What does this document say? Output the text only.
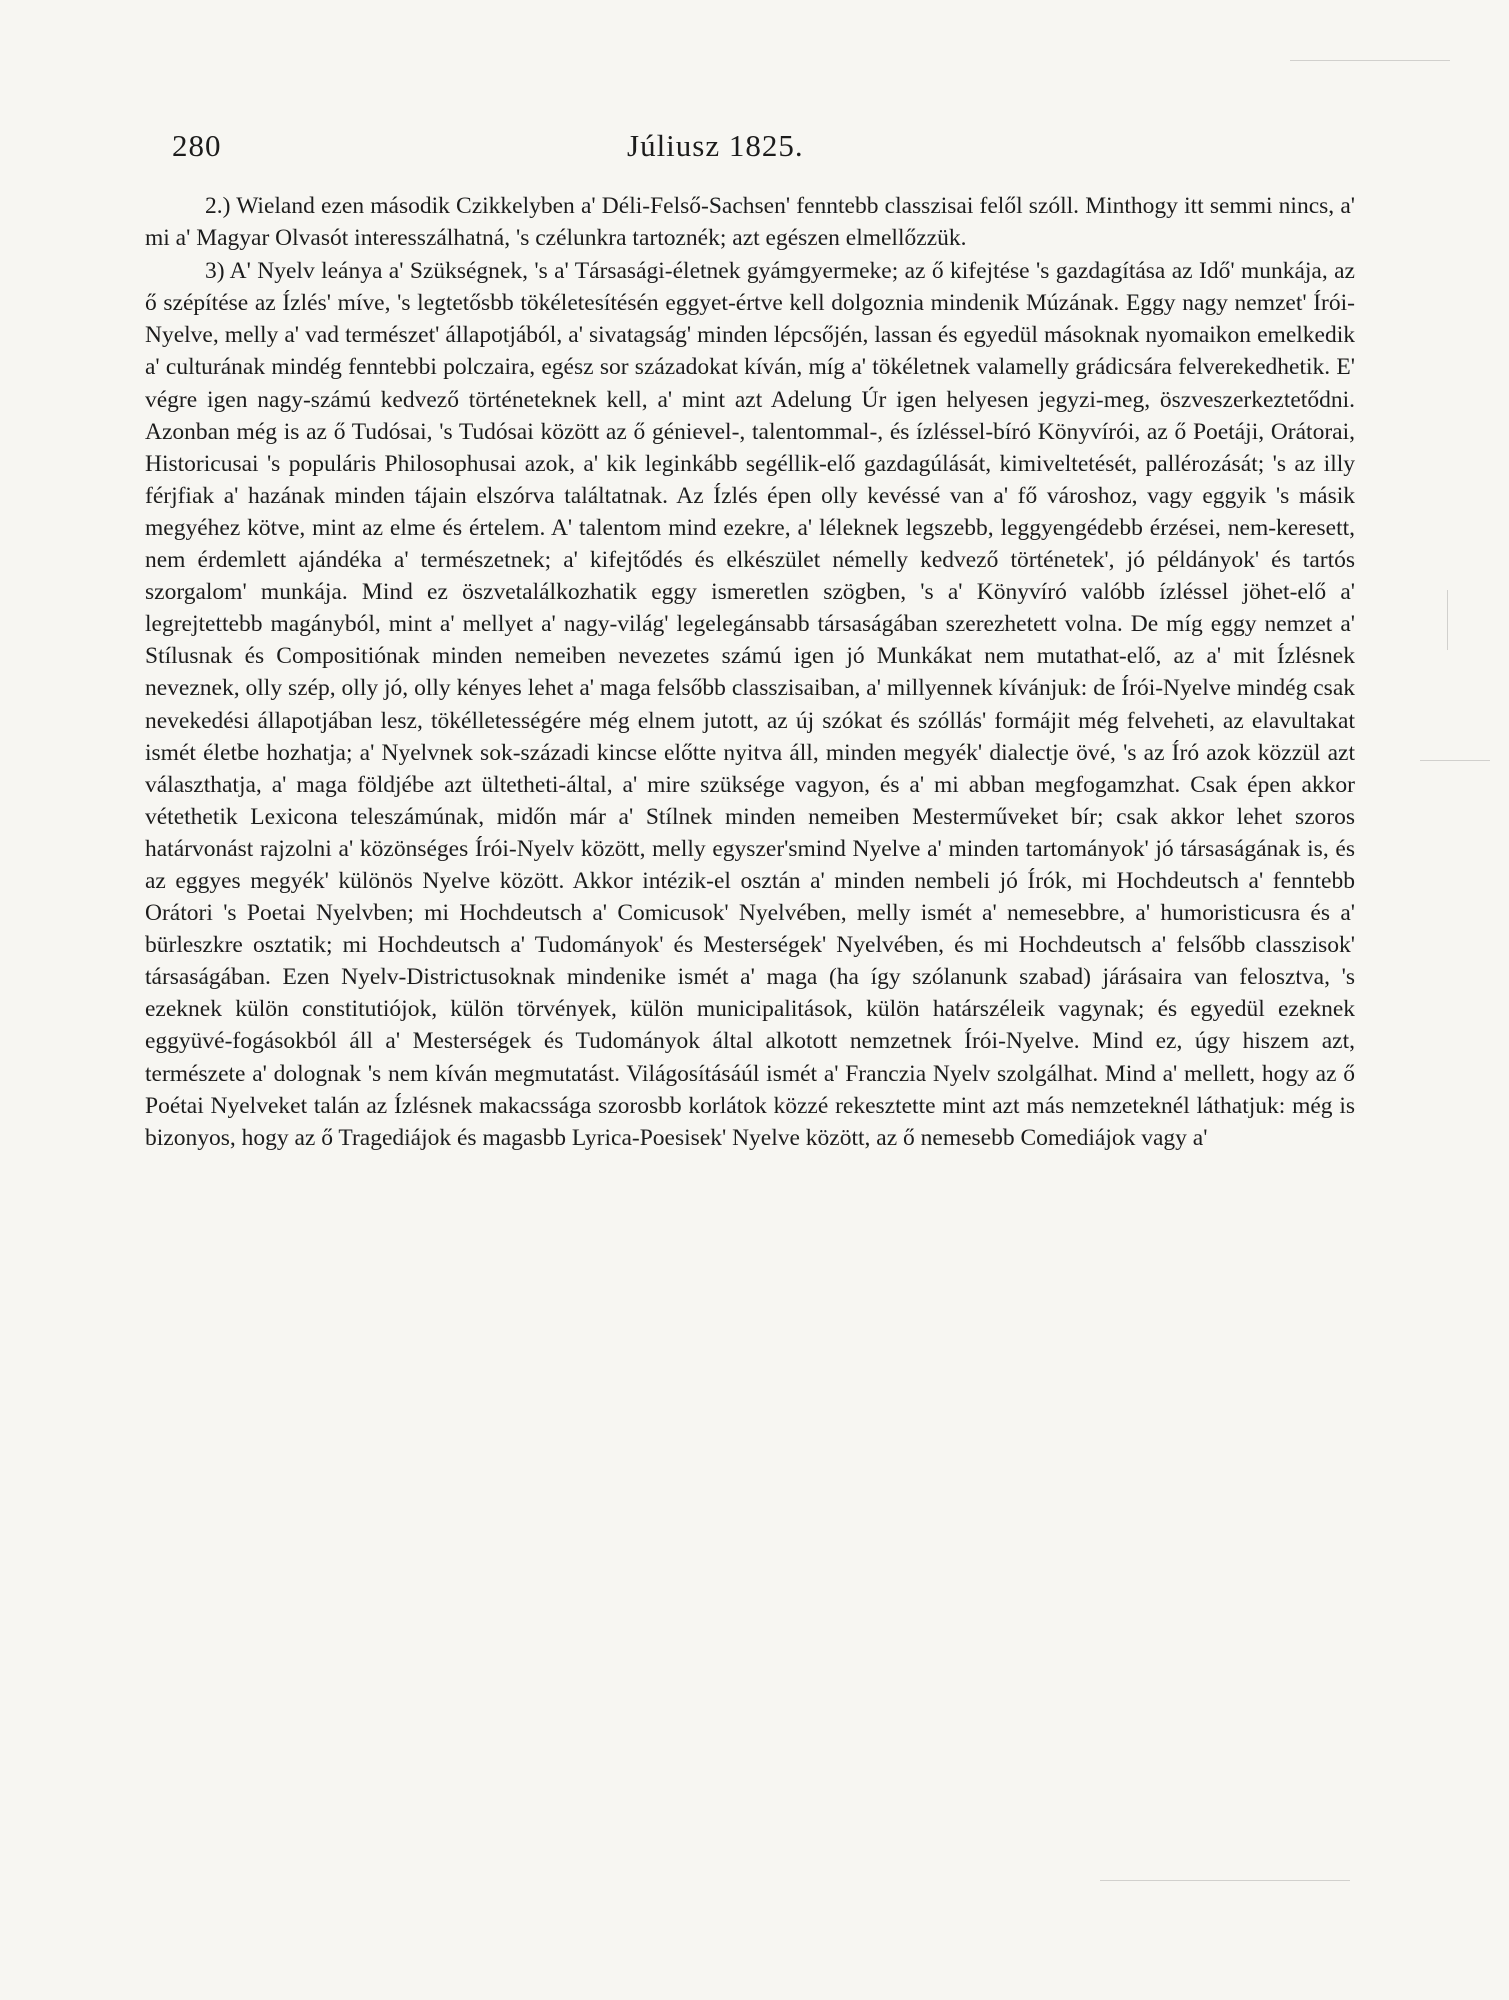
280	Júliusz 1825.

2.) Wieland ezen második Czikkelyben a' Déli-Felső-Sachsen' fenntebb classzisai felől szóll. Minthogy itt semmi nincs, a' mi a' Magyar Olvasót interesszálhatná, 's czélunkra tartoznék; azt egészen elmellőzzük.

3) A' Nyelv leánya a' Szükségnek, 's a' Társasági-életnek gyámgyermeke; az ő kifejtése 's gazdagítása az Idő' munkája, az ő szépítése az Ízlés' míve, 's legtetősbb tökéletesítésén eggyet-értve kell dolgoznia mindenik Múzának. Eggy nagy nemzet' Írói-Nyelve, melly a' vad természet' állapotjából, a' sivatagság' minden lépcsőjén, lassan és egyedül másoknak nyomaikon emelkedik a' culturának mindég fenntebbi polczaira, egész sor századokat kíván, míg a' tökéletnek valamelly grádicsára felverekedhetik. E' végre igen nagy-számú kedvező történeteknek kell, a' mint azt Adelung Úr igen helyesen jegyzi-meg, öszveszerkeztetődni. Azonban még is az ő Tudósai, 's Tudósai között az ő génievel-, talentommal-, és ízléssel-bíró Könyvírói, az ő Poetáji, Orátorai, Historicusai 's populáris Philosophusai azok, a' kik leginkább segéllik-elő gazdagúlását, kimiveltetését, pallérozását; 's az illy férjfiak a' hazának minden tájain elszórva találtatnak. Az Ízlés épen olly kevéssé van a' fő városhoz, vagy eggyik 's másik megyéhez kötve, mint az elme és értelem. A' talentom mind ezekre, a' léleknek legszebb, leggyengédebb érzései, nem-keresett, nem érdemlett ajándéka a' természetnek; a' kifejtődés és elkészület némelly kedvező történetek', jó példányok' és tartós szorgalom' munkája. Mind ez öszvetalálkozhatik eggy ismeretlen szögben, 's a' Könyvíró valóbb ízléssel jöhet-elő a' legrejtettebb magányból, mint a' mellyet a' nagy-világ' legelegánsabb társaságában szerezhetett volna. De míg eggy nemzet a' Stílusnak és Compositiónak minden nemeiben nevezetes számú igen jó Munkákat nem mutathat-elő, az a' mit Ízlésnek neveznek, olly szép, olly jó, olly kényes lehet a' maga felsőbb classzisaiban, a' millyennek kívánjuk: de Írói-Nyelve mindég csak nevekedési állapotjában lesz, tökélletességére még elnem jutott, az új szókat és szóllás' formájit még felveheti, az elavultakat ismét életbe hozhatja; a' Nyelvnek sok-századi kincse előtte nyitva áll, minden megyék' dialectje övé, 's az Író azok közzül azt választhatja, a' maga földjébe azt ültetheti-által, a' mire szüksége vagyon, és a' mi abban megfogamzhat. Csak épen akkor vétethetik Lexicona teleszámúnak, midőn már a' Stílnek minden nemeiben Mesterműveket bír; csak akkor lehet szoros határvonást rajzolni a' közönséges Írói-Nyelv között, melly egyszer'smind Nyelve a' minden tartományok' jó társaságának is, és az eggyes megyék' különös Nyelve között. Akkor intézik-el osztán a' minden nembeli jó Írók, mi Hochdeutsch a' fenntebb Orátori 's Poetai Nyelvben; mi Hochdeutsch a' Comicusok' Nyelvében, melly ismét a' nemesebbre, a' humoristicusra és a' bürleszkre osztatik; mi Hochdeutsch a' Tudományok' és Mesterségek' Nyelvében, és mi Hochdeutsch a' felsőbb classzisok' társaságában. Ezen Nyelv-Districtusoknak mindenike ismét a' maga (ha így szólanunk szabad) járásaira van felosztva, 's ezeknek külön constitutiójok, külön törvények, külön municipalitások, külön határszéleik vagynak; és egyedül ezeknek eggyüvé-fogásokból áll a' Mesterségek és Tudományok által alkotott nemzetnek Írói-Nyelve. Mind ez, úgy hiszem azt, természete a' dolognak 's nem kíván megmutatást. Világosításáúl ismét a' Franczia Nyelv szolgálhat. Mind a' mellett, hogy az ő Poétai Nyelveket talán az Ízlésnek makacssága szorosbb korlátok közzé rekesztette mint azt más nemzeteknél láthatjuk: még is bizonyos, hogy az ő Tragediájok és magasbb Lyrica-Poesisek' Nyelve között, az ő nemesebb Comediájok vagy a'
